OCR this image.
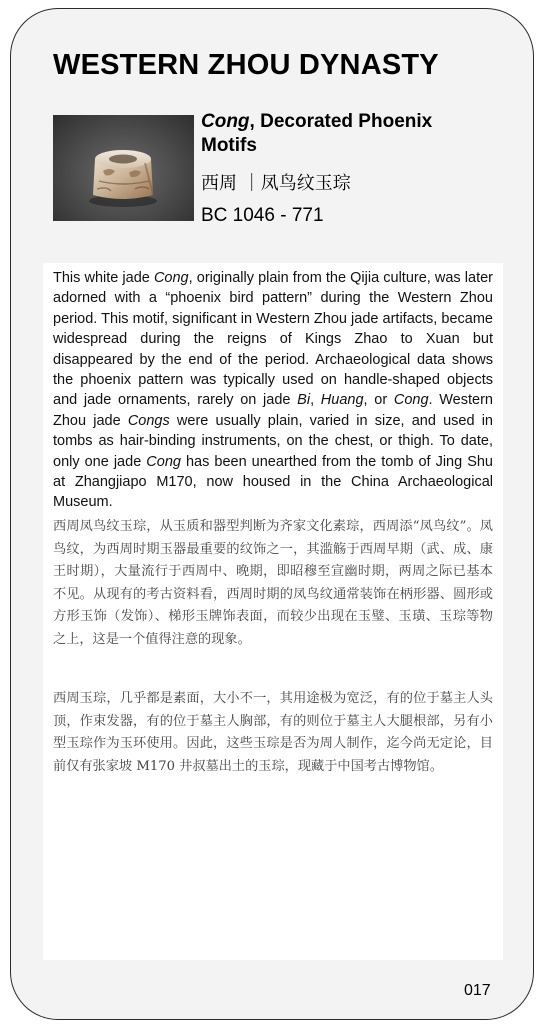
WESTERN ZHOU DYNASTY
Cong, Decorated Phoenix Motifs
西周 ｜凤鸟纹玉琮
BC 1046 - 771

This white jade Cong, originally plain from the Qijia culture, was later adorned with a “phoenix bird pattern” during the Western Zhou period. This motif, significant in Western Zhou jade artifacts, became widespread during the reigns of Kings Zhao to Xuan but disappeared by the end of the period. Archaeological data shows the phoenix pattern was typically used on handle-shaped objects and jade ornaments, rarely on jade Bi, Huang, or Cong. Western Zhou jade Congs were usually plain, varied in size, and used in tombs as hair-binding instruments, on the chest, or thigh. To date, only one jade Cong has been unearthed from the tomb of Jing Shu at Zhangjiapo M170, now housed in the China Archaeological Museum.

西周凤鸟纹玉琮，从玉质和器型判断为齐家文化素琮，西周添“凤鸟纹”。凤鸟纹，为西周时期玉器最重要的纹饰之一，其滥觞于西周早期（武、成、康王时期），大量流行于西周中、晚期，即昭穆至宣幽时期，两周之际已基本不见。从现有的考古资料看，西周时期的凤鸟纹通常装饰在柄形器、圆形或方形玉饰（发饰）、梯形玉牌饰表面，而较少出现在玉璧、玉璜、玉琮等物之上，这是一个值得注意的现象。

西周玉琮，几乎都是素面，大小不一，其用途极为宽泛，有的位于墓主人头顶，作束发器，有的位于墓主人胸部，有的则位于墓主人大腿根部，另有小型玉琮作为玉环使用。因此，这些玉琮是否为周人制作，迄今尚无定论，目前仅有张家坡 M170 井叔墓出土的玉琮，现藏于中国考古博物馆。

017
